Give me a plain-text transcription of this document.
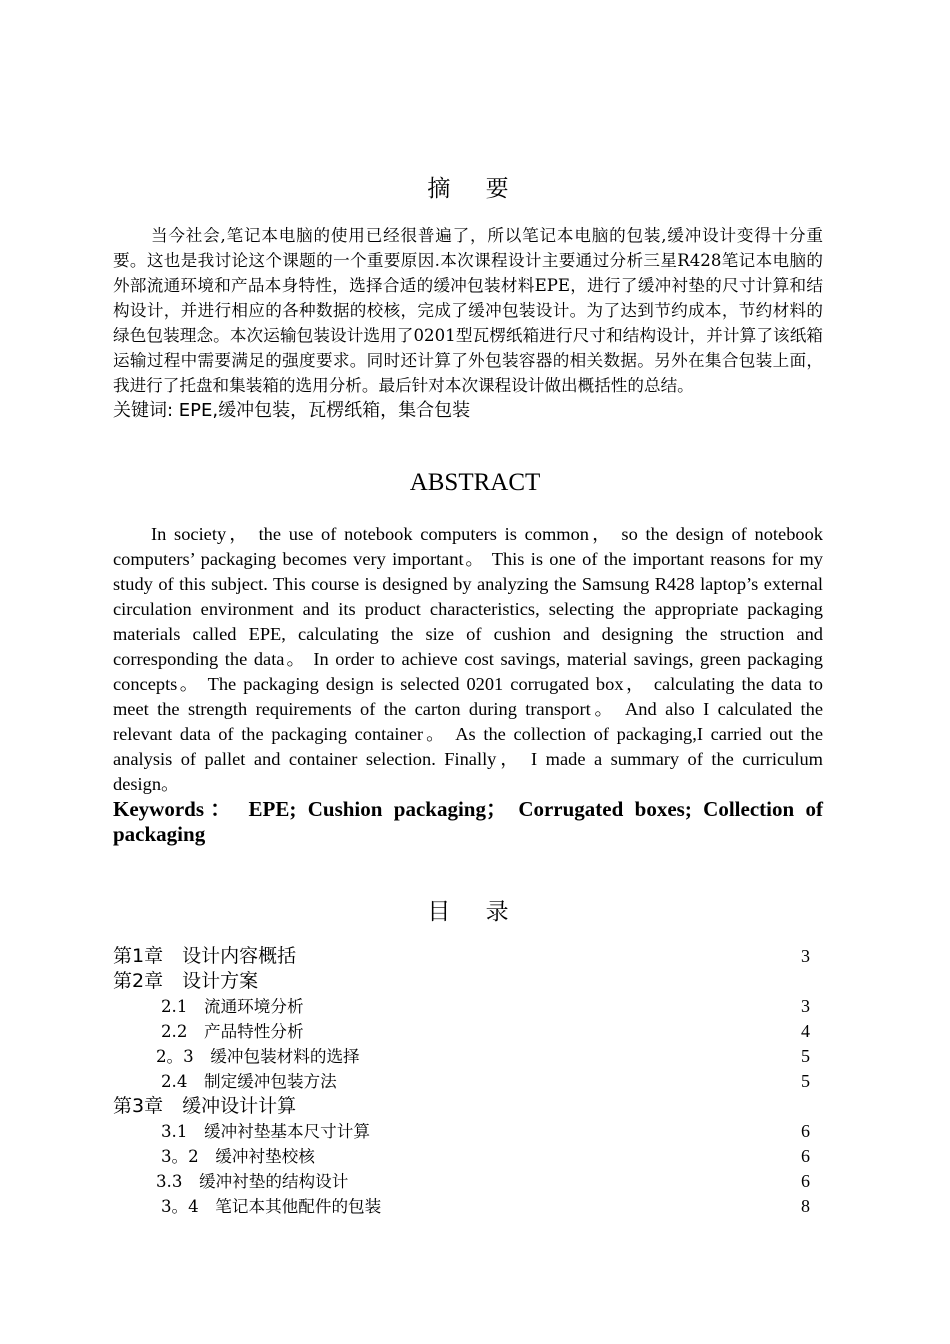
摘 要

当今社会,笔记本电脑的使用已经很普遍了，所以笔记本电脑的包装,缓冲设计变得十分重要。这也是我讨论这个课题的一个重要原因.本次课程设计主要通过分析三星R428笔记本电脑的外部流通环境和产品本身特性，选择合适的缓冲包装材料EPE，进行了缓冲衬垫的尺寸计算和结构设计，并进行相应的各种数据的校核，完成了缓冲包装设计。为了达到节约成本，节约材料的绿色包装理念。本次运输包装设计选用了0201型瓦楞纸箱进行尺寸和结构设计，并计算了该纸箱运输过程中需要满足的强度要求。同时还计算了外包装容器的相关数据。另外在集合包装上面，我进行了托盘和集装箱的选用分析。最后针对本次课程设计做出概括性的总结。

关键词: EPE,缓冲包装，瓦楞纸箱，集合包装

ABSTRACT

In society， the use of notebook computers is common， so the design of notebook computers’ packaging becomes very important。 This is one of the important reasons for my study of this subject. This course is designed by analyzing the Samsung R428 laptop’s external circulation environment and its product characteristics, selecting the appropriate packaging materials called EPE, calculating the size of cushion and designing the struction and corresponding the data。 In order to achieve cost savings, material savings, green packaging concepts。 The packaging design is selected 0201 corrugated box， calculating the data to meet the strength requirements of the carton during transport。 And also I calculated the relevant data of the packaging container。 As the collection of packaging,I carried out the analysis of pallet and container selection. Finally， I made a summary of the curriculum design。

Keywords： EPE; Cushion packaging； Corrugated boxes; Collection of packaging

目 录
第1章　设计内容概括	3
第2章　设计方案
2.1　流通环境分析	3
2.2　产品特性分析	4
2。3　缓冲包装材料的选择	5
2.4　制定缓冲包装方法	5
第3章　缓冲设计计算
3.1　缓冲衬垫基本尺寸计算	6
3。2　缓冲衬垫校核	6
3.3　缓冲衬垫的结构设计	6
3。4　笔记本其他配件的包装	8
